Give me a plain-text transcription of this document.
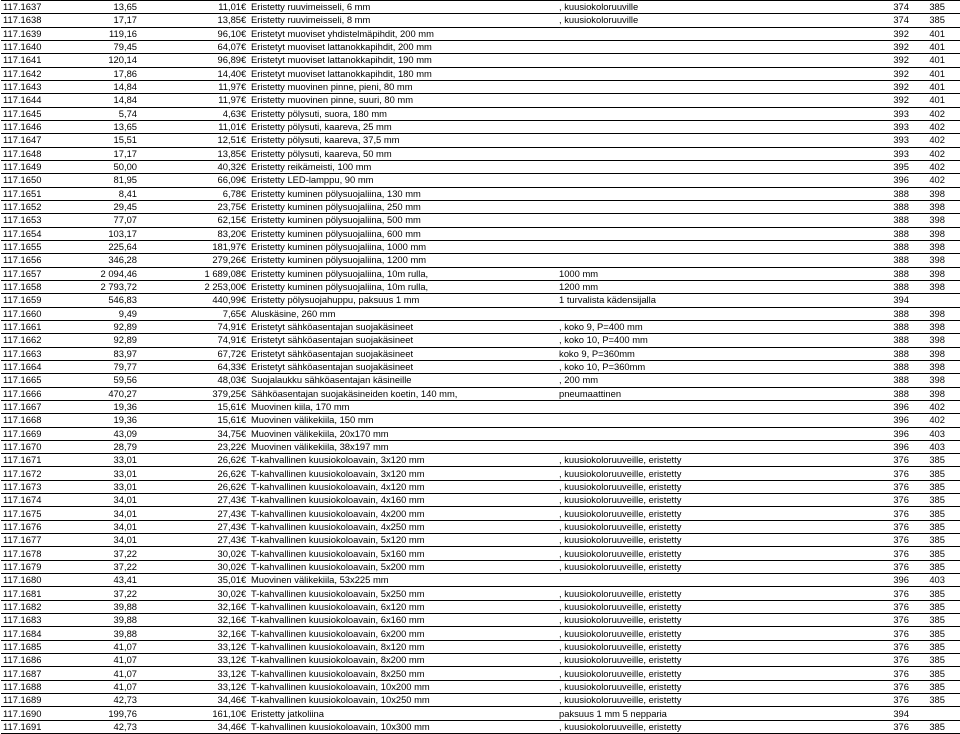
117.1637	13,65	11,01	€	Eristetty ruuvimeisseli, 6 mm	, kuusiokoloruuville	374	385
117.1638	17,17	13,85	€	Eristetty ruuvimeisseli, 8 mm	, kuusiokoloruuville	374	385
117.1639	119,16	96,10	€	Eristetyt muoviset yhdistelmäpihdit, 200 mm		392	401
117.1640	79,45	64,07	€	Eristetyt muoviset lattanokkapihdit, 200 mm		392	401
117.1641	120,14	96,89	€	Eristetyt muoviset lattanokkapihdit, 190 mm		392	401
117.1642	17,86	14,40	€	Eristetyt muoviset lattanokkapihdit, 180 mm		392	401
117.1643	14,84	11,97	€	Eristetty muovinen pinne, pieni, 80 mm		392	401
117.1644	14,84	11,97	€	Eristetty muovinen pinne, suuri, 80 mm		392	401
117.1645	5,74	4,63	€	Eristetty pölysuti, suora, 180 mm		393	402
117.1646	13,65	11,01	€	Eristetty pölysuti, kaareva, 25 mm		393	402
117.1647	15,51	12,51	€	Eristetty pölysuti, kaareva, 37,5 mm		393	402
117.1648	17,17	13,85	€	Eristetty pölysuti, kaareva, 50 mm		393	402
117.1649	50,00	40,32	€	Eristetty reikämeisti, 100 mm		395	402
117.1650	81,95	66,09	€	Eristetty LED-lamppu, 90 mm		396	402
117.1651	8,41	6,78	€	Eristetty kuminen pölysuojaliina, 130 mm		388	398
117.1652	29,45	23,75	€	Eristetty kuminen pölysuojaliina, 250 mm		388	398
117.1653	77,07	62,15	€	Eristetty kuminen pölysuojaliina, 500 mm		388	398
117.1654	103,17	83,20	€	Eristetty kuminen pölysuojaliina, 600 mm		388	398
117.1655	225,64	181,97	€	Eristetty kuminen pölysuojaliina, 1000 mm		388	398
117.1656	346,28	279,26	€	Eristetty kuminen pölysuojaliina, 1200 mm		388	398
117.1657	2 094,46	1 689,08	€	Eristetty kuminen pölysuojaliina, 10m rulla,	1000 mm	388	398
117.1658	2 793,72	2 253,00	€	Eristetty kuminen pölysuojaliina, 10m rulla,	1200 mm	388	398
117.1659	546,83	440,99	€	Eristetty pölysuojahuppu, paksuus 1 mm	1 turvalista kädensijalla	394	
117.1660	9,49	7,65	€	Aluskäsine, 260 mm		388	398
117.1661	92,89	74,91	€	Eristetyt sähköasentajan suojakäsineet	, koko 9, P=400 mm	388	398
117.1662	92,89	74,91	€	Eristetyt sähköasentajan suojakäsineet	, koko 10, P=400 mm	388	398
117.1663	83,97	67,72	€	Eristetyt sähköasentajan suojakäsineet	koko 9, P=360mm	388	398
117.1664	79,77	64,33	€	Eristetyt sähköasentajan suojakäsineet	, koko 10, P=360mm	388	398
117.1665	59,56	48,03	€	Suojalaukku sähköasentajan käsineille	, 200 mm	388	398
117.1666	470,27	379,25	€	Sähköasentajan suojakäsineiden koetin, 140 mm,	pneumaattinen	388	398
117.1667	19,36	15,61	€	Muovinen kiila, 170 mm		396	402
117.1668	19,36	15,61	€	Muovinen välikekiila, 150 mm		396	402
117.1669	43,09	34,75	€	Muovinen välikekiila, 20x170 mm		396	403
117.1670	28,79	23,22	€	Muovinen välikekiila, 38x197 mm		396	403
117.1671	33,01	26,62	€	T-kahvallinen kuusiokoloavain, 3x120 mm	, kuusiokoloruuveille, eristetty	376	385
117.1672	33,01	26,62	€	T-kahvallinen kuusiokoloavain, 3x120 mm	, kuusiokoloruuveille, eristetty	376	385
117.1673	33,01	26,62	€	T-kahvallinen kuusiokoloavain, 4x120 mm	, kuusiokoloruuveille, eristetty	376	385
117.1674	34,01	27,43	€	T-kahvallinen kuusiokoloavain, 4x160 mm	, kuusiokoloruuveille, eristetty	376	385
117.1675	34,01	27,43	€	T-kahvallinen kuusiokoloavain, 4x200 mm	, kuusiokoloruuveille, eristetty	376	385
117.1676	34,01	27,43	€	T-kahvallinen kuusiokoloavain, 4x250 mm	, kuusiokoloruuveille, eristetty	376	385
117.1677	34,01	27,43	€	T-kahvallinen kuusiokoloavain, 5x120 mm	, kuusiokoloruuveille, eristetty	376	385
117.1678	37,22	30,02	€	T-kahvallinen kuusiokoloavain, 5x160 mm	, kuusiokoloruuveille, eristetty	376	385
117.1679	37,22	30,02	€	T-kahvallinen kuusiokoloavain, 5x200 mm	, kuusiokoloruuveille, eristetty	376	385
117.1680	43,41	35,01	€	Muovinen välikekiila, 53x225 mm		396	403
117.1681	37,22	30,02	€	T-kahvallinen kuusiokoloavain, 5x250 mm	, kuusiokoloruuveille, eristetty	376	385
117.1682	39,88	32,16	€	T-kahvallinen kuusiokoloavain, 6x120 mm	, kuusiokoloruuveille, eristetty	376	385
117.1683	39,88	32,16	€	T-kahvallinen kuusiokoloavain, 6x160 mm	, kuusiokoloruuveille, eristetty	376	385
117.1684	39,88	32,16	€	T-kahvallinen kuusiokoloavain, 6x200 mm	, kuusiokoloruuveille, eristetty	376	385
117.1685	41,07	33,12	€	T-kahvallinen kuusiokoloavain, 8x120 mm	, kuusiokoloruuveille, eristetty	376	385
117.1686	41,07	33,12	€	T-kahvallinen kuusiokoloavain, 8x200 mm	, kuusiokoloruuveille, eristetty	376	385
117.1687	41,07	33,12	€	T-kahvallinen kuusiokoloavain, 8x250 mm	, kuusiokoloruuveille, eristetty	376	385
117.1688	41,07	33,12	€	T-kahvallinen kuusiokoloavain, 10x200 mm	, kuusiokoloruuveille, eristetty	376	385
117.1689	42,73	34,46	€	T-kahvallinen kuusiokoloavain, 10x250 mm	, kuusiokoloruuveille, eristetty	376	385
117.1690	199,76	161,10	€	Eristetty jatkoliina	paksuus 1 mm 5 nepparia	394	
117.1691	42,73	34,46	€	T-kahvallinen kuusiokoloavain, 10x300 mm	, kuusiokoloruuveille, eristetty	376	385
